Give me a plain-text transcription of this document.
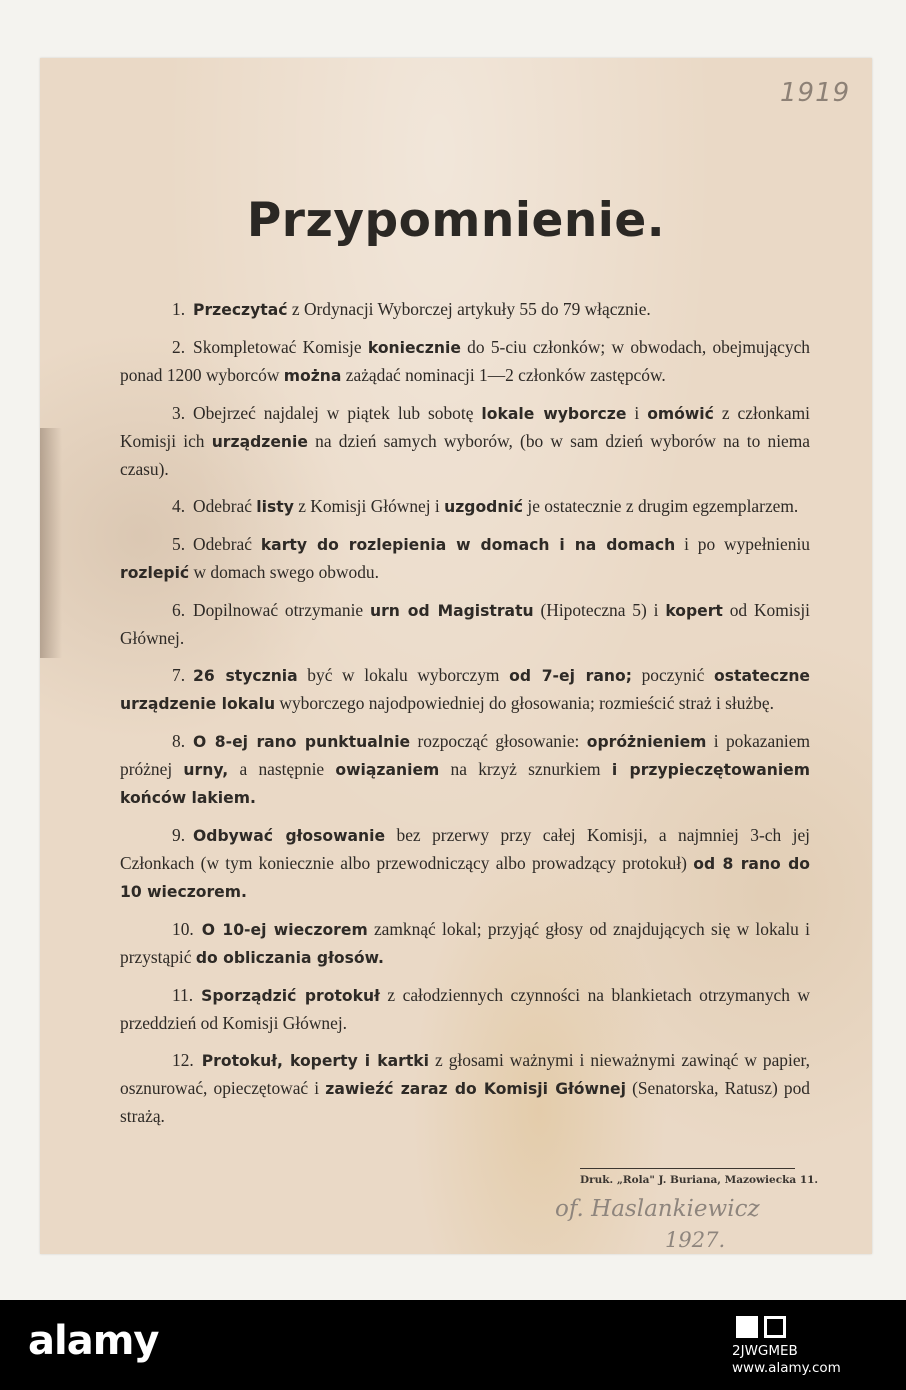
1919
Przypomnienie.
1. Przeczytać z Ordynacji Wyborczej artykuły 55 do 79 włącznie.
2. Skompletować Komisje koniecznie do 5-ciu członków; w obwodach, obejmujących ponad 1200 wyborców można zażądać nominacji 1—2 członków zastępców.
3. Obejrzeć najdalej w piątek lub sobotę lokale wyborcze i omówić z członkami Komisji ich urządzenie na dzień samych wyborów, (bo w sam dzień wyborów na to niema czasu).
4. Odebrać listy z Komisji Głównej i uzgodnić je ostatecznie z drugim egzemplarzem.
5. Odebrać karty do rozlepienia w domach i na domach i po wypełnieniu rozlepić w domach swego obwodu.
6. Dopilnować otrzymanie urn od Magistratu (Hipoteczna 5) i kopert od Komisji Głównej.
7. 26 stycznia być w lokalu wyborczym od 7-ej rano; poczynić ostateczne urządzenie lokalu wyborczego najodpowiedniej do głosowania; rozmieścić straż i służbę.
8. O 8-ej rano punktualnie rozpocząć głosowanie: opróżnieniem i pokazaniem próżnej urny, a następnie owiązaniem na krzyż sznurkiem i przypieczętowaniem końców lakiem.
9. Odbywać głosowanie bez przerwy przy całej Komisji, a najmniej 3-ch jej Członkach (w tym koniecznie albo przewodniczący albo prowadzący protokuł) od 8 rano do 10 wieczorem.
10. O 10-ej wieczorem zamknąć lokal; przyjąć głosy od znajdujących się w lokalu i przystąpić do obliczania głosów.
11. Sporządzić protokuł z całodziennych czynności na blankietach otrzymanych w przeddzień od Komisji Głównej.
12. Protokuł, koperty i kartki z głosami ważnymi i nieważnymi zawinąć w papier, osznurować, opieczętować i zawieźć zaraz do Komisji Głównej (Senatorska, Ratusz) pod strażą.
Druk. „Rola" J. Buriana, Mazowiecka 11.
of. Haslankiewicz
1927.
alamy	2JWGMEB
www.alamy.com
